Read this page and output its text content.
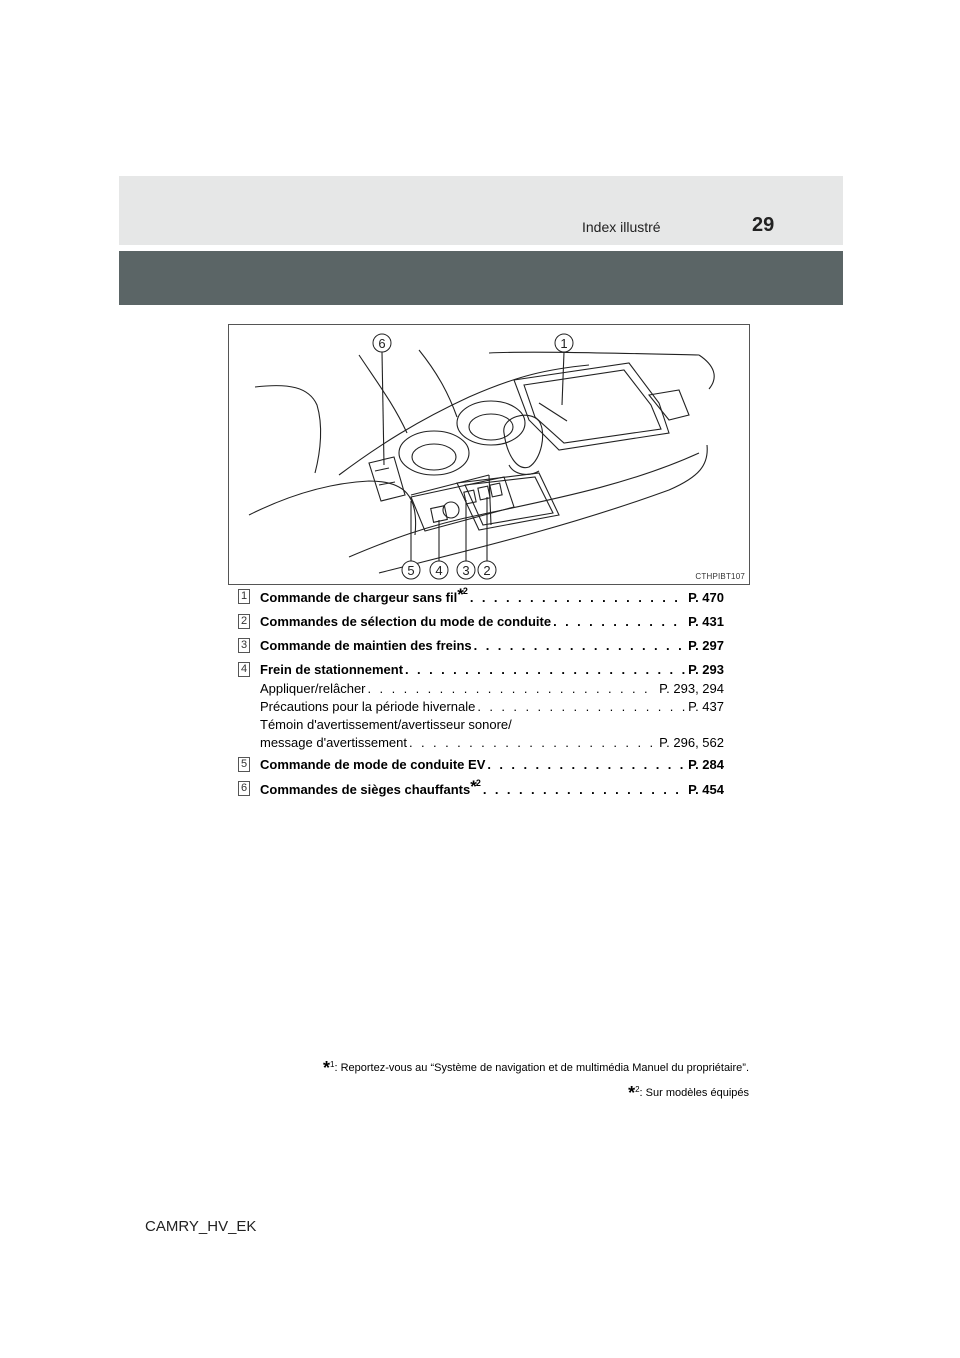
Index illustré	29
6	1
5 4 3 2	CTHPIBT107
1 Commande de chargeur sans fil * 2 . . .	P. 470
2 Commandes de sélection du mode de conduite . . .	P. 431
3 Commande de maintien des freins . . .	P. 297
4 Frein de stationnement . . .	P. 293
Appliquer/relâcher . . .	P. 293, 294
Précautions pour la période hivernale . . .	P. 437
Témoin d'avertissement/avertisseur sonore/
message d'avertissement . . .	P. 296, 562
5 Commande de mode de conduite EV . . .	P. 284
6 Commandes de sièges chauffants * 2 . . .	P. 454
*$^1$: Reportez-vous au “Système de navigation et de multimédia Manuel du propriétaire”.
*$^2$: Sur modèles équipés
CAMRY_HV_EK
